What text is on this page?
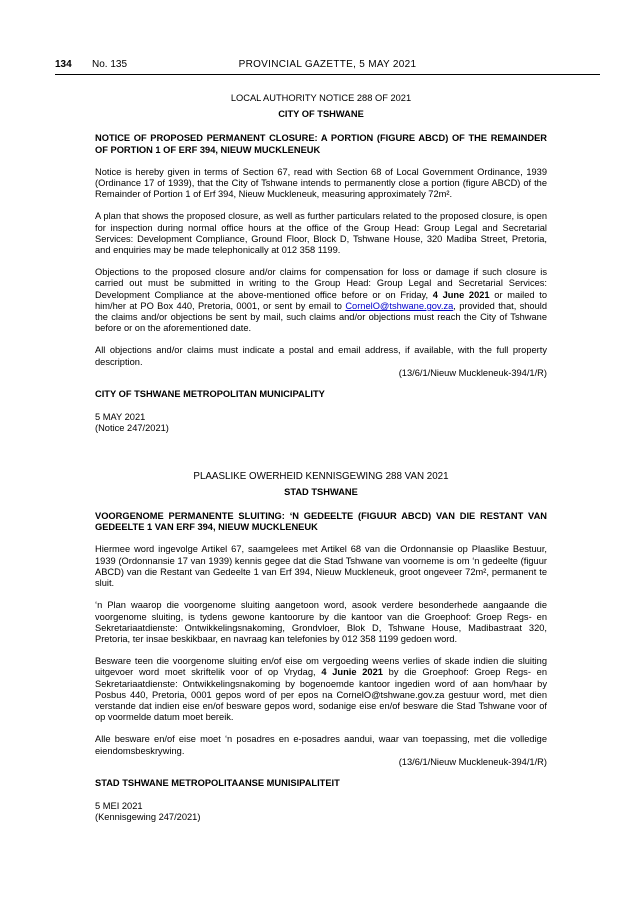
134 No. 135	PROVINCIAL GAZETTE, 5 MAY 2021
LOCAL AUTHORITY NOTICE 288 OF 2021
CITY OF TSHWANE
NOTICE OF PROPOSED PERMANENT CLOSURE: A PORTION (FIGURE ABCD) OF THE REMAINDER OF PORTION 1 OF ERF 394, NIEUW MUCKLENEUK

Notice is hereby given in terms of Section 67, read with Section 68 of Local Government Ordinance, 1939 (Ordinance 17 of 1939), that the City of Tshwane intends to permanently close a portion (figure ABCD) of the Remainder of Portion 1 of Erf 394, Nieuw Muckleneuk, measuring approximately 72m².

A plan that shows the proposed closure, as well as further particulars related to the proposed closure, is open for inspection during normal office hours at the office of the Group Head: Group Legal and Secretarial Services: Development Compliance, Ground Floor, Block D, Tshwane House, 320 Madiba Street, Pretoria, and enquiries may be made telephonically at 012 358 1199.

Objections to the proposed closure and/or claims for compensation for loss or damage if such closure is carried out must be submitted in writing to the Group Head: Group Legal and Secretarial Services: Development Compliance at the above-mentioned office before or on Friday, 4 June 2021 or mailed to him/her at PO Box 440, Pretoria, 0001, or sent by email to CornelO@tshwane.gov.za, provided that, should the claims and/or objections be sent by mail, such claims and/or objections must reach the City of Tshwane before or on the aforementioned date.

All objections and/or claims must indicate a postal and email address, if available, with the full property description.

(13/6/1/Nieuw Muckleneuk-394/1/R)
CITY OF TSHWANE METROPOLITAN MUNICIPALITY
5 MAY 2021
(Notice 247/2021)
PLAASLIKE OWERHEID KENNISGEWING 288 VAN 2021
STAD TSHWANE
VOORGENOME PERMANENTE SLUITING: ‘N GEDEELTE (FIGUUR ABCD) VAN DIE RESTANT VAN GEDEELTE 1 VAN ERF 394, NIEUW MUCKLENEUK

Hiermee word ingevolge Artikel 67, saamgelees met Artikel 68 van die Ordonnansie op Plaaslike Bestuur, 1939 (Ordonnansie 17 van 1939) kennis gegee dat die Stad Tshwane van voorneme is om ‘n gedeelte (figuur ABCD) van die Restant van Gedeelte 1 van Erf 394, Nieuw Muckleneuk, groot ongeveer 72m², permanent te sluit.

‘n Plan waarop die voorgenome sluiting aangetoon word, asook verdere besonderhede aangaande die voorgenome sluiting, is tydens gewone kantoorure by die kantoor van die Groephoof: Groep Regs- en Sekretariaatdienste: Ontwikkelingsnakoming, Grondvloer, Blok D, Tshwane House, Madibastraat 320, Pretoria, ter insae beskikbaar, en navraag kan telefonies by 012 358 1199 gedoen word.

Besware teen die voorgenome sluiting en/of eise om vergoeding weens verlies of skade indien die sluiting uitgevoer word moet skriftelik voor of op Vrydag, 4 Junie 2021 by die Groephoof: Groep Regs- en Sekretariaatdienste: Ontwikkelingsnakoming by bogenoemde kantoor ingedien word of aan hom/haar by Posbus 440, Pretoria, 0001 gepos word of per epos na CornelO@tshwane.gov.za gestuur word, met dien verstande dat indien eise en/of besware gepos word, sodanige eise en/of besware die Stad Tshwane voor of op voormelde datum moet bereik.

Alle besware en/of eise moet ‘n posadres en e-posadres aandui, waar van toepassing, met die volledige eiendomsbeskrywing.

(13/6/1/Nieuw Muckleneuk-394/1/R)
STAD TSHWANE METROPOLITAANSE MUNISIPALITEIT
5 MEI 2021
(Kennisgewing 247/2021)
